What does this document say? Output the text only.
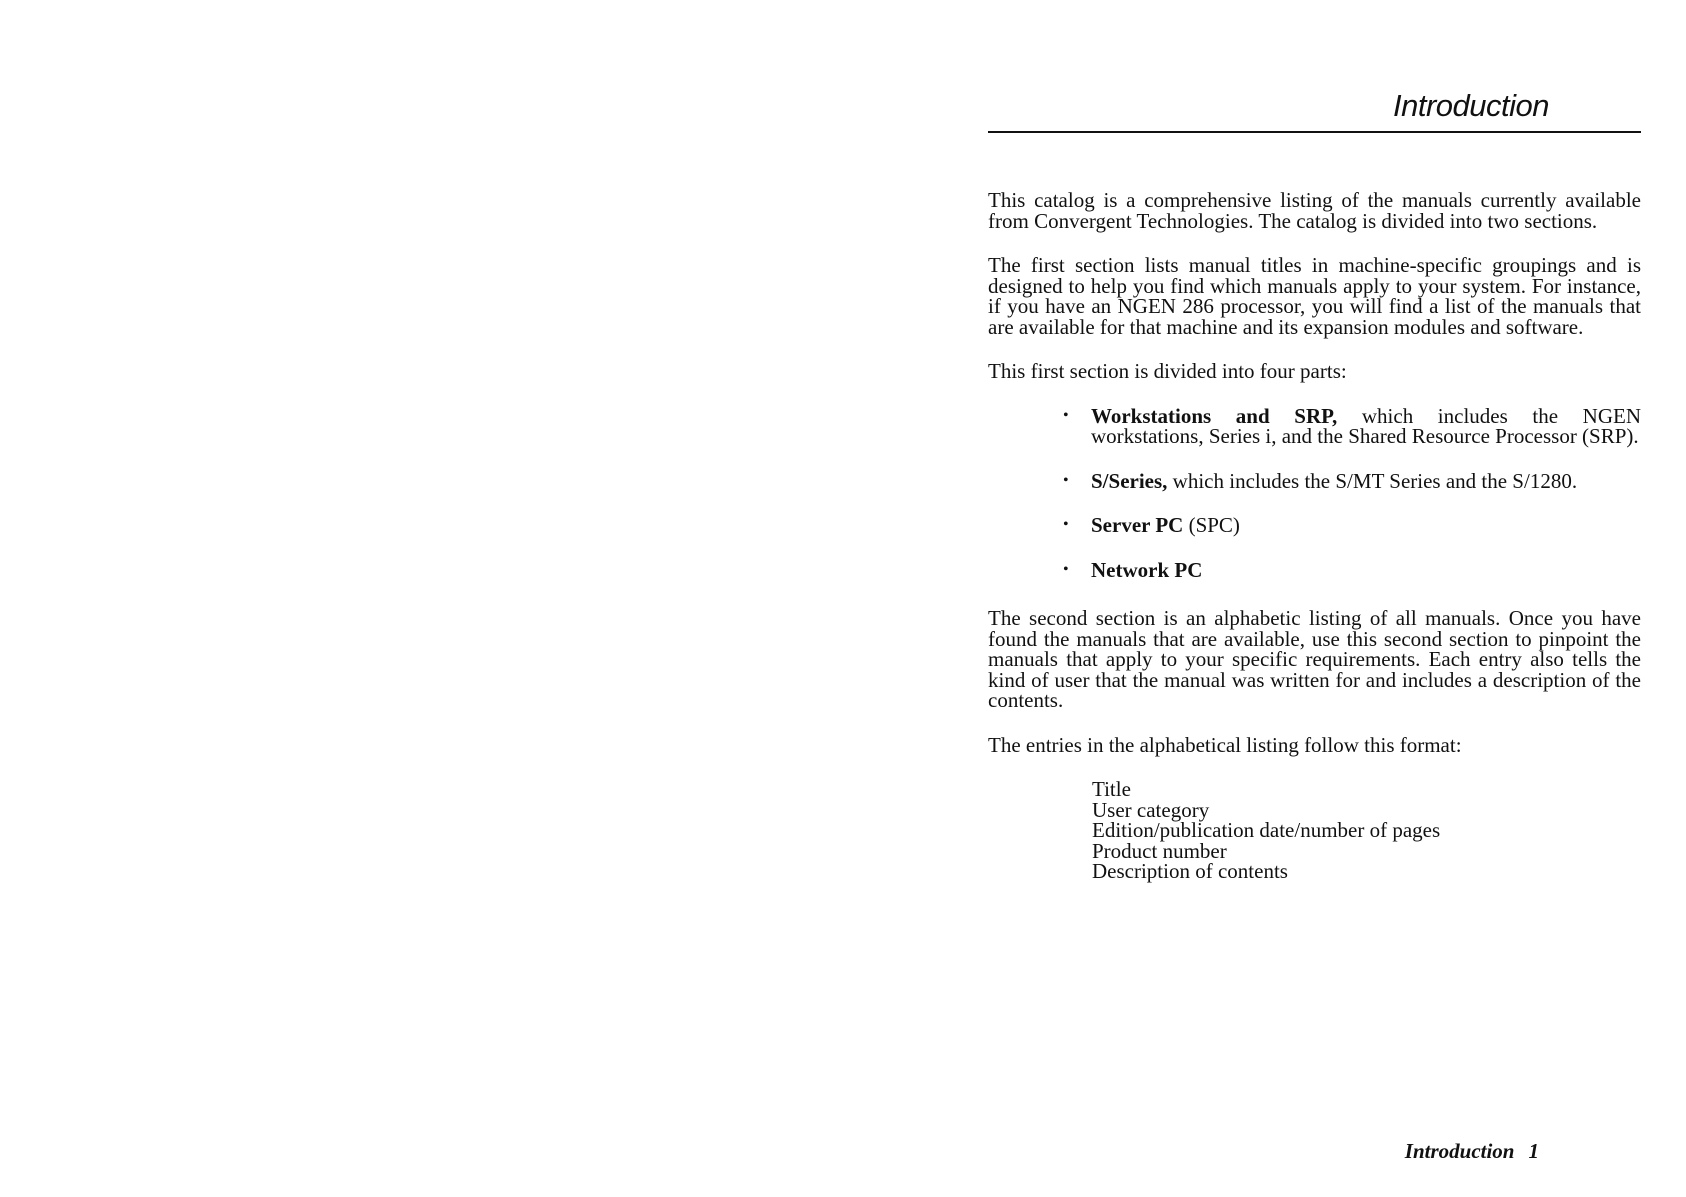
Introduction

This catalog is a comprehensive listing of the manuals currently available from Convergent Technologies. The catalog is divided into two sections.

The first section lists manual titles in machine-specific groupings and is designed to help you find which manuals apply to your system. For instance, if you have an NGEN 286 processor, you will find a list of the manuals that are available for that machine and its expansion modules and software.

This first section is divided into four parts:

• Workstations and SRP, which includes the NGEN workstations, Series i, and the Shared Resource Processor (SRP).
• S/Series, which includes the S/MT Series and the S/1280.
• Server PC (SPC)
• Network PC

The second section is an alphabetic listing of all manuals. Once you have found the manuals that are available, use this second section to pinpoint the manuals that apply to your specific requirements. Each entry also tells the kind of user that the manual was written for and includes a description of the contents.

The entries in the alphabetical listing follow this format:

Title
User category
Edition/publication date/number of pages
Product number
Description of contents
Introduction 1
